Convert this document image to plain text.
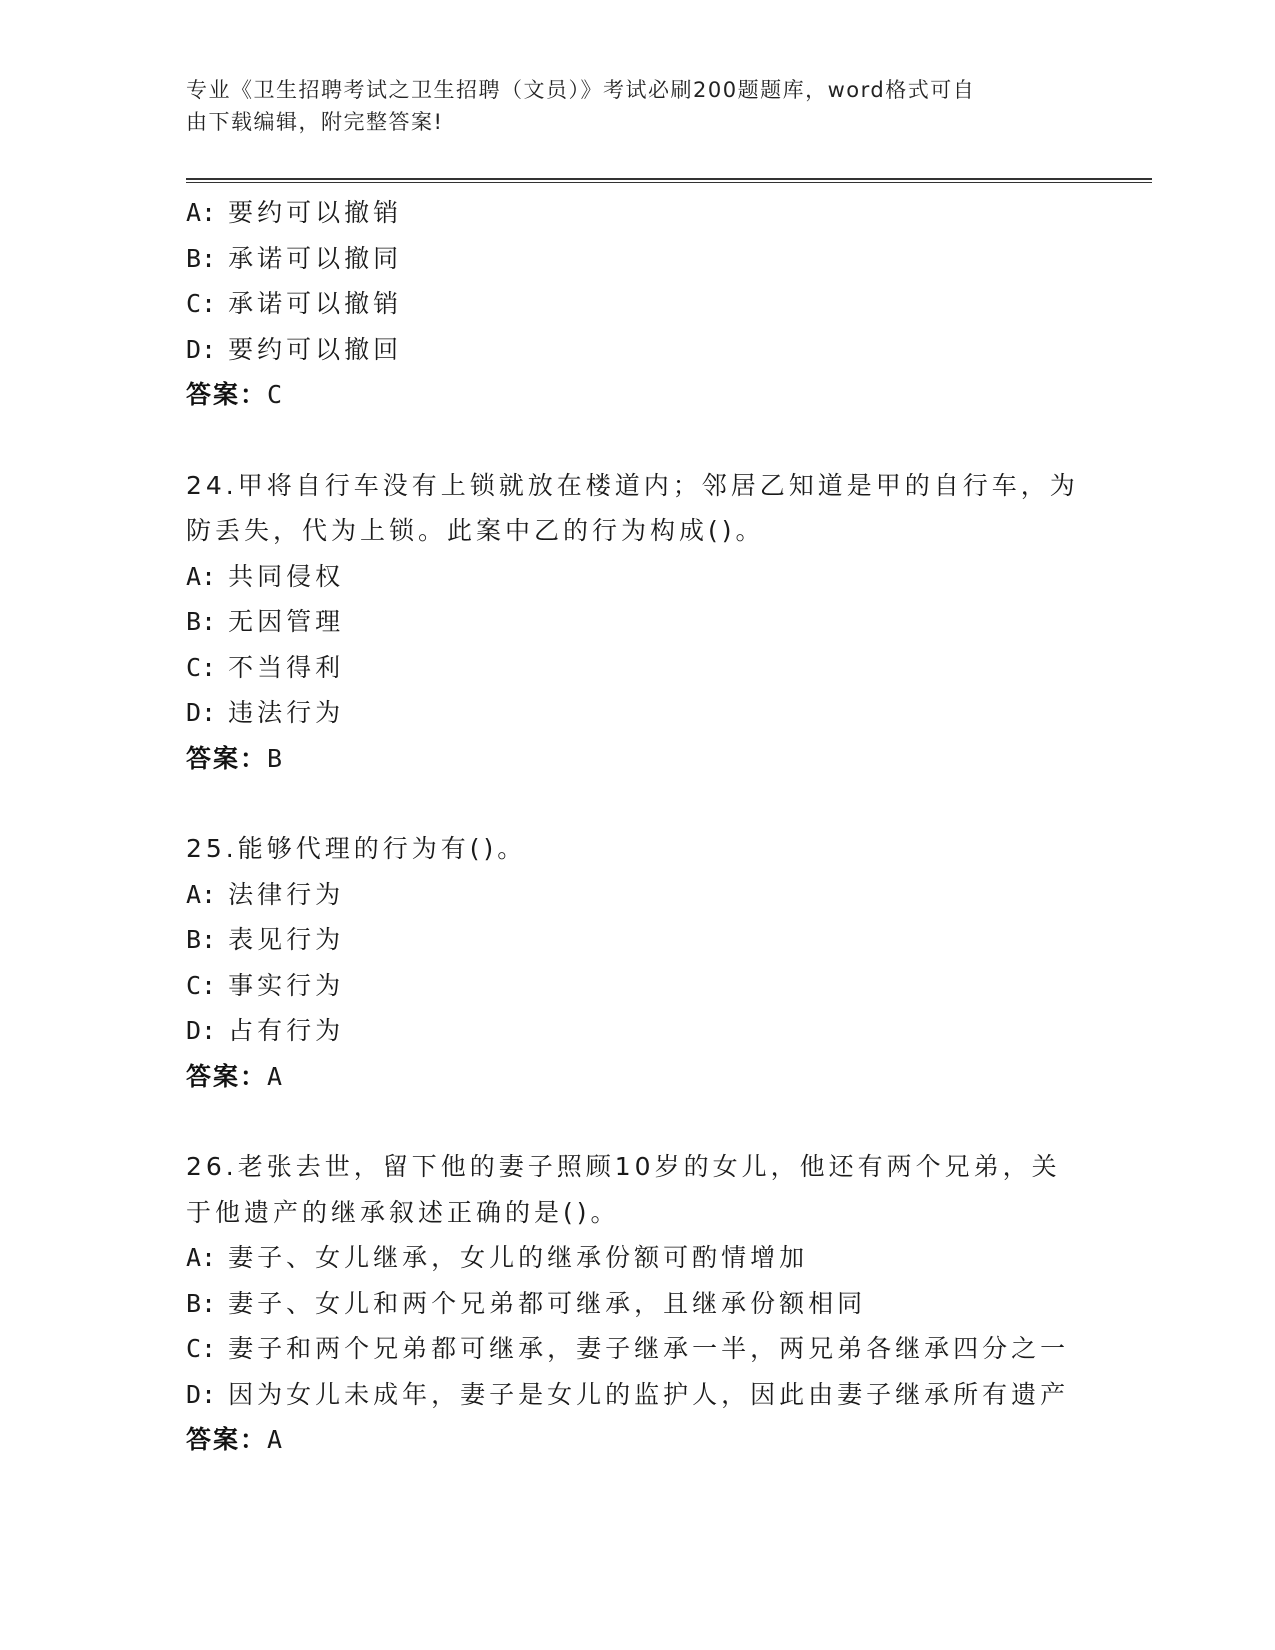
专业《卫生招聘考试之卫生招聘（文员）》考试必刷200题题库，word格式可自
由下载编辑，附完整答案!
A: 要约可以撤销
B: 承诺可以撤同
C: 承诺可以撤销
D: 要约可以撤回
答案：C
24.甲将自行车没有上锁就放在楼道内；邻居乙知道是甲的自行车，为
防丢失，代为上锁。此案中乙的行为构成()。
A: 共同侵权
B: 无因管理
C: 不当得利
D: 违法行为
答案：B
25.能够代理的行为有()。
A: 法律行为
B: 表见行为
C: 事实行为
D: 占有行为
答案：A
26.老张去世，留下他的妻子照顾10岁的女儿，他还有两个兄弟，关
于他遗产的继承叙述正确的是()。
A: 妻子、女儿继承，女儿的继承份额可酌情增加
B: 妻子、女儿和两个兄弟都可继承，且继承份额相同
C: 妻子和两个兄弟都可继承，妻子继承一半，两兄弟各继承四分之一
D: 因为女儿未成年，妻子是女儿的监护人，因此由妻子继承所有遗产
答案：A
